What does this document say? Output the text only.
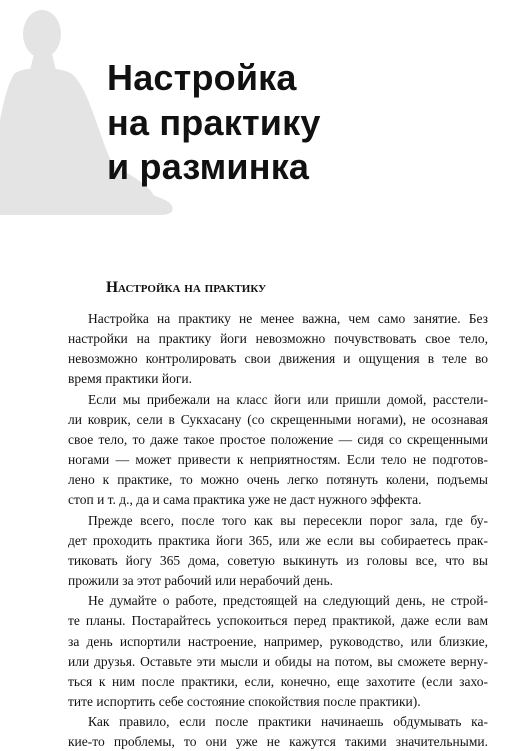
Настройка
на практику
и разминка
Настройка на практику

Настройка на практику не менее важна, чем само занятие. Без
настройки на практику йоги невозможно почувствовать свое тело,
невозможно контролировать свои движения и ощущения в теле во
время практики йоги.

Если мы прибежали на класс йоги или пришли домой, расстели-
ли коврик, сели в Сукхасану (со скрещенными ногами), не осознавая
свое тело, то даже такое простое положение — сидя со скрещенными
ногами — может привести к неприятностям. Если тело не подготов-
лено к практике, то можно очень легко потянуть колени, подъемы
стоп и т. д., да и сама практика уже не даст нужного эффекта.

Прежде всего, после того как вы пересекли порог зала, где бу-
дет проходить практика йоги 365, или же если вы собираетесь прак-
тиковать йогу 365 дома, советую выкинуть из головы все, что вы
прожили за этот рабочий или нерабочий день.

Не думайте о работе, предстоящей на следующий день, не строй-
те планы. Постарайтесь успокоиться перед практикой, даже если вам
за день испортили настроение, например, руководство, или близкие,
или друзья. Оставьте эти мысли и обиды на потом, вы сможете верну-
ться к ним после практики, если, конечно, еще захотите (если захо-
тите испортить себе состояние спокойствия после практики).

Как правило, если после практики начинаешь обдумывать ка-
кие-то проблемы, то они уже не кажутся такими значительными.
